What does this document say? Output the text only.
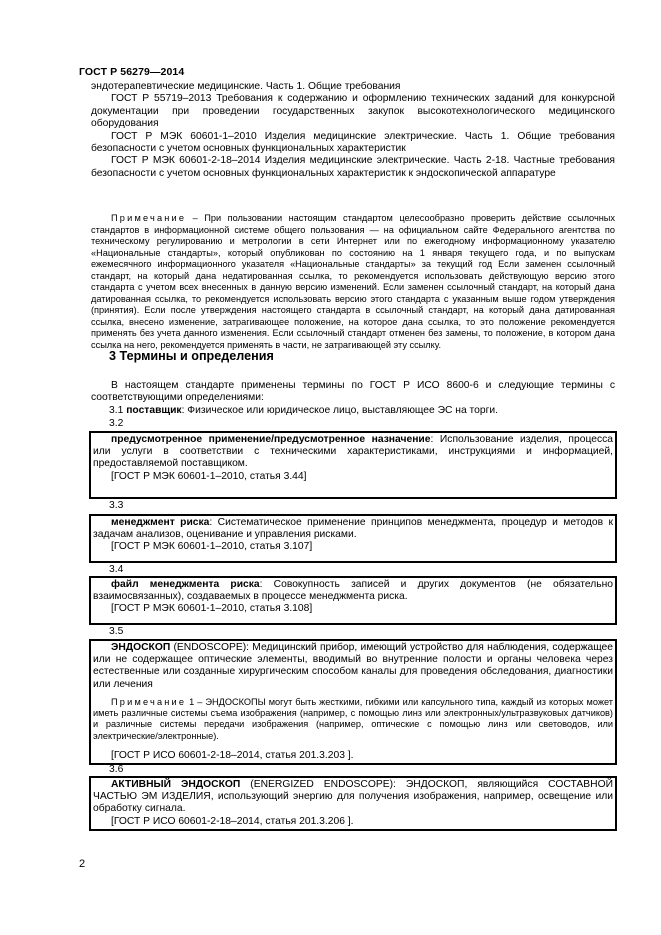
ГОСТ Р 56279—2014
эндотерапевтические медицинские. Часть 1. Общие требования
ГОСТ Р 55719–2013 Требования к содержанию и оформлению технических заданий для конкурсной документации при проведении государственных закупок высокотехнологического медицинского оборудования
ГОСТ Р МЭК 60601-1–2010 Изделия медицинские электрические. Часть 1. Общие требования безопасности с учетом основных функциональных характеристик
ГОСТ Р МЭК 60601-2-18–2014 Изделия медицинские электрические. Часть 2-18. Частные требования безопасности с учетом основных функциональных характеристик к эндоскопической аппаратуре
Примечание – При пользовании настоящим стандартом целесообразно проверить действие ссылочных стандартов в информационной системе общего пользования — на официальном сайте Федерального агентства по техническому регулированию и метрологии в сети Интернет или по ежегодному информационному указателю «Национальные стандарты», который опубликован по состоянию на 1 января текущего года, и по выпускам ежемесячного информационного указателя «Национальные стандарты» за текущий год Если заменен ссылочный стандарт, на который дана недатированная ссылка, то рекомендуется использовать действующую версию этого стандарта с учетом всех внесенных в данную версию изменений. Если заменен ссылочный стандарт, на который дана датированная ссылка, то рекомендуется использовать версию этого стандарта с указанным выше годом утверждения (принятия). Если после утверждения настоящего стандарта в ссылочный стандарт, на который дана датированная ссылка, внесено изменение, затрагивающее положение, на которое дана ссылка, то это положение рекомендуется применять без учета данного изменения. Если ссылочный стандарт отменен без замены, то положение, в котором дана ссылка на него, рекомендуется применять в части, не затрагивающей эту ссылку.
3 Термины и определения
В настоящем стандарте применены термины по ГОСТ Р ИСО 8600-6 и следующие термины с соответствующими определениями:
3.1 поставщик: Физическое или юридическое лицо, выставляющее ЭС на торги.
3.2

предусмотренное применение/предусмотренное назначение: Использование изделия, процесса или услуги в соответствии с техническими характеристиками, инструкциями и информацией, предоставляемой поставщиком.

[ГОСТ Р МЭК 60601-1–2010, статья 3.44]

3.3

менеджмент риска: Систематическое применение принципов менеджмента, процедур и методов к задачам анализов, оценивание и управления рисками.

[ГОСТ Р МЭК 60601-1–2010, статья 3.107]

3.4

файл менеджмента риска: Совокупность записей и других документов (не обязательно взаимосвязанных), создаваемых в процессе менеджмента риска.

[ГОСТ Р МЭК 60601-1–2010, статья 3.108]

3.5

ЭНДОСКОП (ENDOSCOPE): Медицинский прибор, имеющий устройство для наблюдения, содержащее или не содержащее оптические элементы, вводимый во внутренние полости и органы человека через естественные или созданные хирургическим способом каналы для проведения обследования, диагностики или лечения

Примечание 1 – ЭНДОСКОПЫ могут быть жесткими, гибкими или капсульного типа, каждый из которых может иметь различные системы съема изображения (например, с помощью линз или электронных/ультразвуковых датчиков) и различные системы передачи изображения (например, оптические с помощью линз или световодов, или электрические/электронные).

[ГОСТ Р ИСО 60601-2-18–2014, статья 201.3.203 ].

3.6

АКТИВНЫЙ ЭНДОСКОП (ENERGIZED ENDOSCOPE): ЭНДОСКОП, являющийся СОСТАВНОЙ ЧАСТЬЮ ЭМ ИЗДЕЛИЯ, использующий энергию для получения изображения, например, освещение или обработку сигнала.

[ГОСТ Р ИСО 60601-2-18–2014, статья 201.3.206 ].

2
